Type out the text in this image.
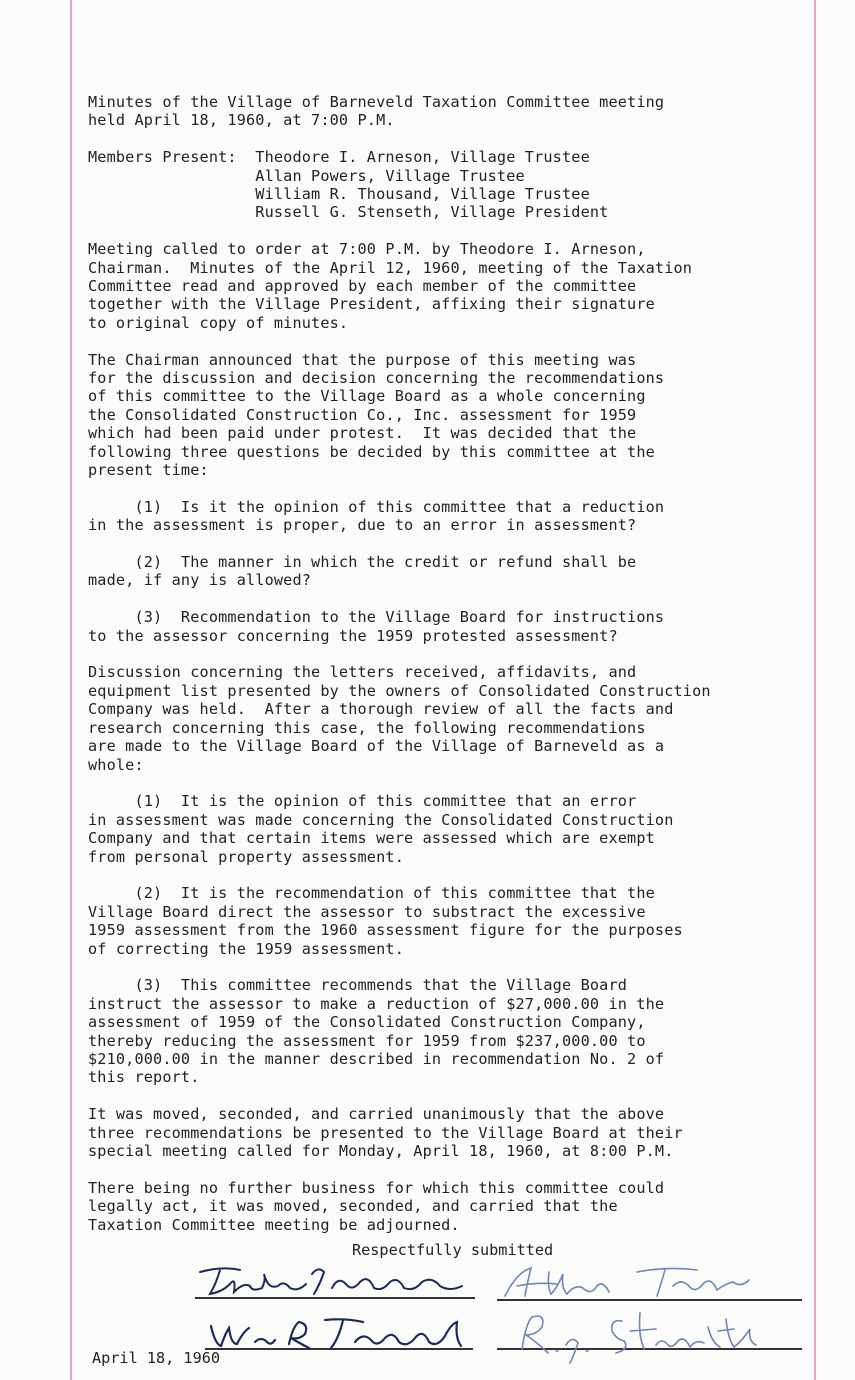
Minutes of the Village of Barneveld Taxation Committee meeting
held April 18, 1960, at 7:00 P.M.
Members Present:  Theodore I. Arneson, Village Trustee
Allan Powers, Village Trustee
William R. Thousand, Village Trustee
Russell G. Stenseth, Village President
Meeting called to order at 7:00 P.M. by Theodore I. Arneson,
Chairman.  Minutes of the April 12, 1960, meeting of the Taxation
Committee read and approved by each member of the committee
together with the Village President, affixing their signature
to original copy of minutes.
The Chairman announced that the purpose of this meeting was
for the discussion and decision concerning the recommendations
of this committee to the Village Board as a whole concerning
the Consolidated Construction Co., Inc. assessment for 1959
which had been paid under protest.  It was decided that the
following three questions be decided by this committee at the
present time:
(1)  Is it the opinion of this committee that a reduction
in the assessment is proper, due to an error in assessment?
(2)  The manner in which the credit or refund shall be
made, if any is allowed?
(3)  Recommendation to the Village Board for instructions
to the assessor concerning the 1959 protested assessment?
Discussion concerning the letters received, affidavits, and
equipment list presented by the owners of Consolidated Construction
Company was held.  After a thorough review of all the facts and
research concerning this case, the following recommendations
are made to the Village Board of the Village of Barneveld as a
whole:
(1)  It is the opinion of this committee that an error
in assessment was made concerning the Consolidated Construction
Company and that certain items were assessed which are exempt
from personal property assessment.
(2)  It is the recommendation of this committee that the
Village Board direct the assessor to substract the excessive
1959 assessment from the 1960 assessment figure for the purposes
of correcting the 1959 assessment.
(3)  This committee recommends that the Village Board
instruct the assessor to make a reduction of $27,000.00 in the
assessment of 1959 of the Consolidated Construction Company,
thereby reducing the assessment for 1959 from $237,000.00 to
$210,000.00 in the manner described in recommendation No. 2 of
this report.
It was moved, seconded, and carried unanimously that the above
three recommendations be presented to the Village Board at their
special meeting called for Monday, April 18, 1960, at 8:00 P.M.
There being no further business for which this committee could
legally act, it was moved, seconded, and carried that the
Taxation Committee meeting be adjourned.
Respectfully submitted
April 18, 1960
